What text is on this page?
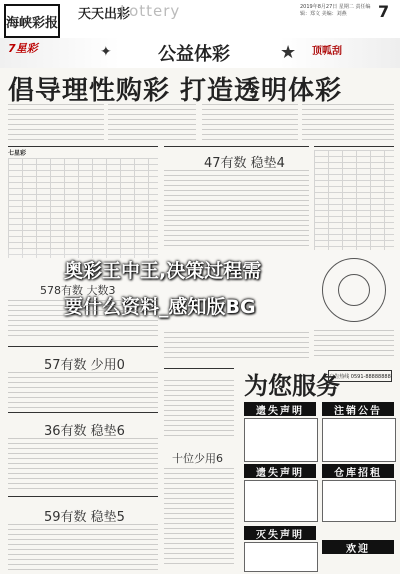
海峡彩报
天天出彩
Lottery	2019年8月27日 星期二 责任编辑：郑文 美编：刘燕	7
7星彩	✦	★
公益体彩	顶呱刮
倡导理性购彩 打造透明体彩
七星彩
47有数 稳垫4
奥彩王中王,决策过程需
要什么资料_感知版BG
578有数 大数3
57有数 少用0
36有数 稳垫6
59有数 稳垫5
十位少用6
为您服务
广告热线 0591-88888888
遗失声明	注销公告
遗失声明	仓库招租
灭失声明
欢迎
